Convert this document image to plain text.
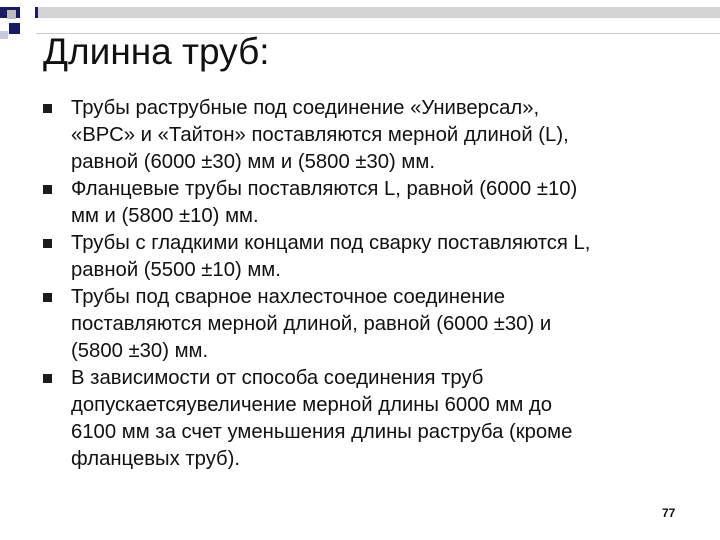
Длинна труб:
Трубы раструбные под соединение «Универсал»,
«ВРС» и «Тайтон» поставляются мерной длиной (L),
равной (6000 ±30) мм и (5800 ±30) мм.
Фланцевые трубы поставляются L, равной (6000 ±10)
мм и (5800 ±10) мм.
Трубы с гладкими концами под сварку поставляются L,
равной (5500 ±10) мм.
Трубы под сварное нахлесточное соединение
поставляются мерной длиной, равной (6000 ±30) и
(5800 ±30) мм.
В зависимости от способа соединения труб
допускаетсяувеличение мерной длины 6000 мм до
6100 мм за счет уменьшения длины раструба (кроме
фланцевых труб).
77
